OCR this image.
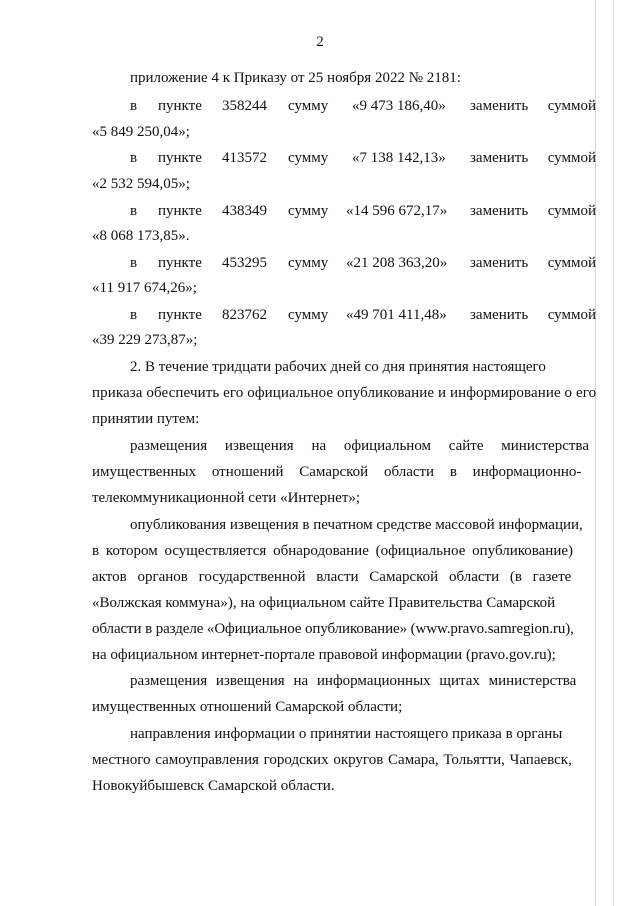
2
приложение 4 к Приказу от 25 ноября 2022 № 2181:
в пункте 358244 сумму «9 473 186,40» заменить суммой
«5 849 250,04»;
в пункте 413572 сумму «7 138 142,13» заменить суммой
«2 532 594,05»;
в пункте 438349 сумму «14 596 672,17» заменить суммой
«8 068 173,85».
в пункте 453295 сумму «21 208 363,20» заменить суммой
«11 917 674,26»;
в пункте 823762 сумму «49 701 411,48» заменить суммой
«39 229 273,87»;
2. В течение тридцати рабочих дней со дня принятия настоящего
приказа обеспечить его официальное опубликование и информирование о его
принятии путем:
размещения извещения на официальном сайте министерства
имущественных отношений Самарской области в информационно-
телекоммуникационной сети «Интернет»;
опубликования извещения в печатном средстве массовой информации,
в котором осуществляется обнародование (официальное опубликование)
актов органов государственной власти Самарской области (в газете
«Волжская коммуна»), на официальном сайте Правительства Самарской
области в разделе «Официальное опубликование» (www.pravo.samregion.ru),
на официальном интернет-портале правовой информации (pravo.gov.ru);
размещения извещения на информационных щитах министерства
имущественных отношений Самарской области;
направления информации о принятии настоящего приказа в органы
местного самоуправления городских округов Самара, Тольятти, Чапаевск,
Новокуйбышевск Самарской области.
